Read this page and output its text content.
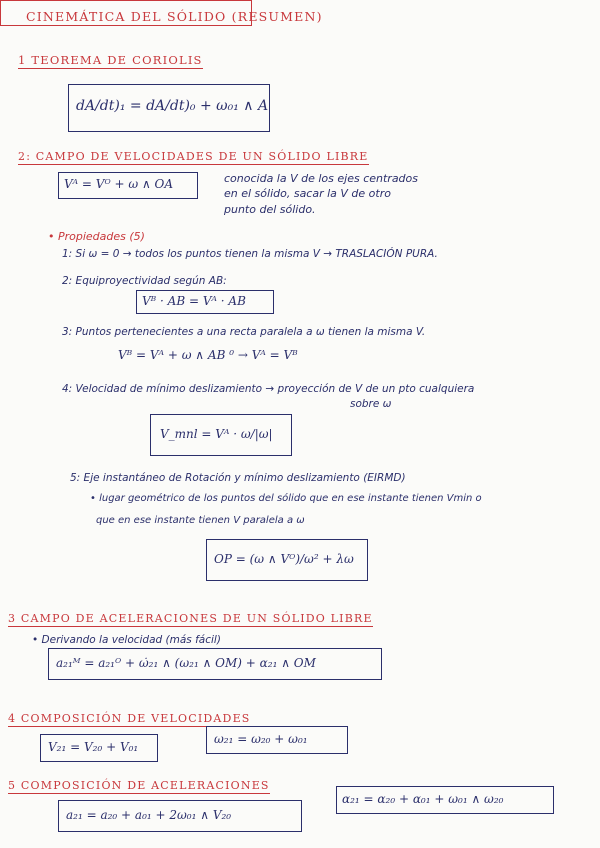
CINEMÁTICA DEL SÓLIDO (RESUMEN)
1 TEOREMA DE CORIOLIS
dA/dt)₁ = dA/dt)₀ + ω₀₁ ∧ A
2: CAMPO DE VELOCIDADES DE UN SÓLIDO LIBRE
Vᴬ = Vᴼ + ω ∧ OA	conocida la V de los ejes centrados
en el sólido, sacar la V de otro
punto del sólido.
• Propiedades (5)
1: Si ω = 0 → todos los puntos tienen la misma V → TRASLACIÓN PURA.
2: Equiproyectividad según AB:
Vᴮ · AB = Vᴬ · AB
3: Puntos pertenecientes a una recta paralela a ω tienen la misma V.
Vᴮ = Vᴬ + ω ∧ AB ⁰ → Vᴬ = Vᴮ
4: Velocidad de mínimo deslizamiento → proyección de V de un pto cualquiera
sobre ω
V_mnl = Vᴬ · ω/|ω|
5: Eje instantáneo de Rotación y mínimo deslizamiento (EIRMD)
• lugar geométrico de los puntos del sólido que en ese instante tienen Vmin o
que en ese instante tienen V paralela a ω
OP = (ω ∧ Vᴼ)/ω² + λω
3 CAMPO DE ACELERACIONES DE UN SÓLIDO LIBRE
• Derivando la velocidad (más fácil)
a₂₁ᴹ = a₂₁ᴼ + ω̇₂₁ ∧ (ω₂₁ ∧ OM) + α₂₁ ∧ OM
4 COMPOSICIÓN DE VELOCIDADES
V₂₁ = V₂₀ + V₀₁
ω₂₁ = ω₂₀ + ω₀₁
5 COMPOSICIÓN DE ACELERACIONES
a₂₁ = a₂₀ + a₀₁ + 2ω₀₁ ∧ V₂₀
α₂₁ = α₂₀ + α₀₁ + ω₀₁ ∧ ω₂₀
